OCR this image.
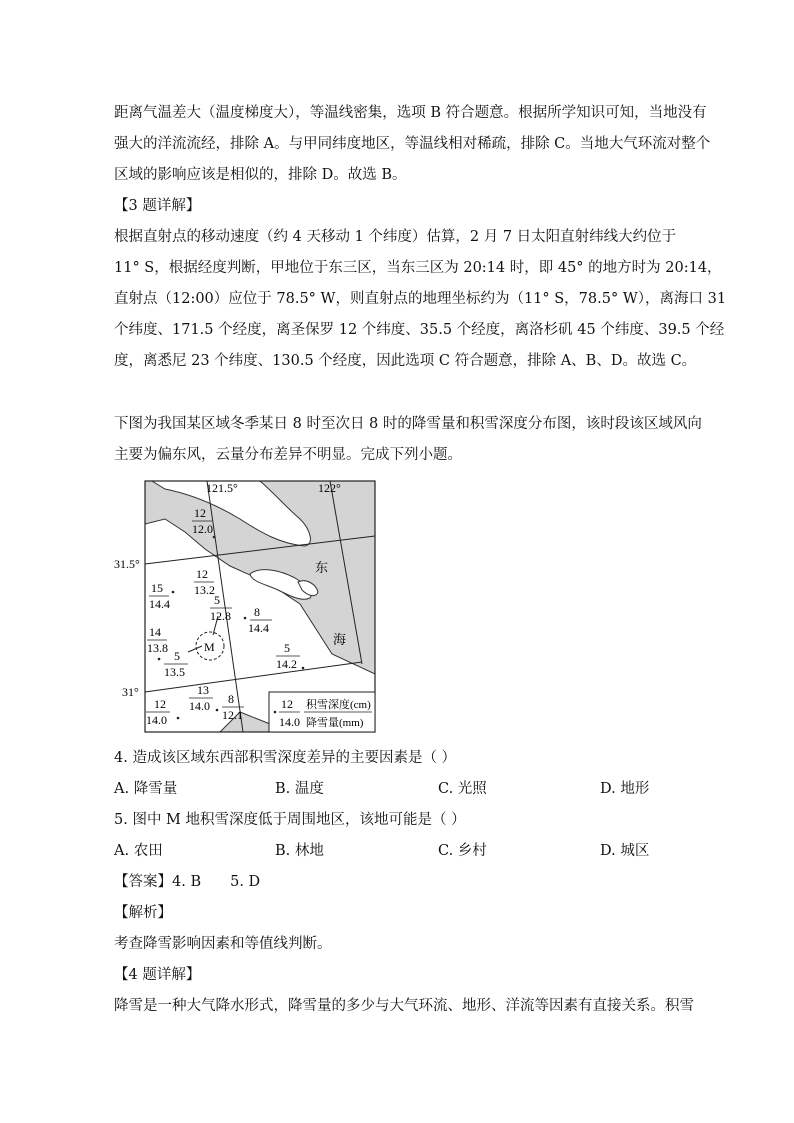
距离气温差大（温度梯度大），等温线密集，选项 B 符合题意。根据所学知识可知，当地没有
强大的洋流流经，排除 A。与甲同纬度地区，等温线相对稀疏，排除 C。当地大气环流对整个
区域的影响应该是相似的，排除 D。故选 B。
【3 题详解】
根据直射点的移动速度（约 4 天移动 1 个纬度）估算，2 月 7 日太阳直射纬线大约位于
11° S，根据经度判断，甲地位于东三区，当东三区为 20:14 时，即 45° 的地方时为 20:14，
直射点（12:00）应位于 78.5° W，则直射点的地理坐标约为（11° S，78.5° W），离海口 31
个纬度、171.5 个经度，离圣保罗 12 个纬度、35.5 个经度，离洛杉矶 45 个纬度、39.5 个经
度，离悉尼 23 个纬度、130.5 个经度，因此选项 C 符合题意，排除 A、B、D。故选 C。
下图为我国某区域冬季某日 8 时至次日 8 时的降雪量和积雪深度分布图，该时段该区域风向
主要为偏东风，云量分布差异不明显。完成下列小题。
121.5°	122°
31.5°
31°
东
海
M
12
12.0
12
13.2
15
14.4	5
12.8 8
14.4
14
13.8
5
13.5
5
14.2
13
14.0
12
14.0
8
12.1
12
14.0
积雪深度(cm)
降雪量(mm)
4. 造成该区域东西部积雪深度差异的主要因素是（ ）
A. 降雪量	B. 温度	C. 光照	D. 地形
5. 图中 M 地积雪深度低于周围地区，该地可能是（ ）
A. 农田	B. 林地	C. 乡村	D. 城区
【答案】4. B　　5. D
【解析】
考查降雪影响因素和等值线判断。
【4 题详解】
降雪是一种大气降水形式，降雪量的多少与大气环流、地形、洋流等因素有直接关系。积雪
